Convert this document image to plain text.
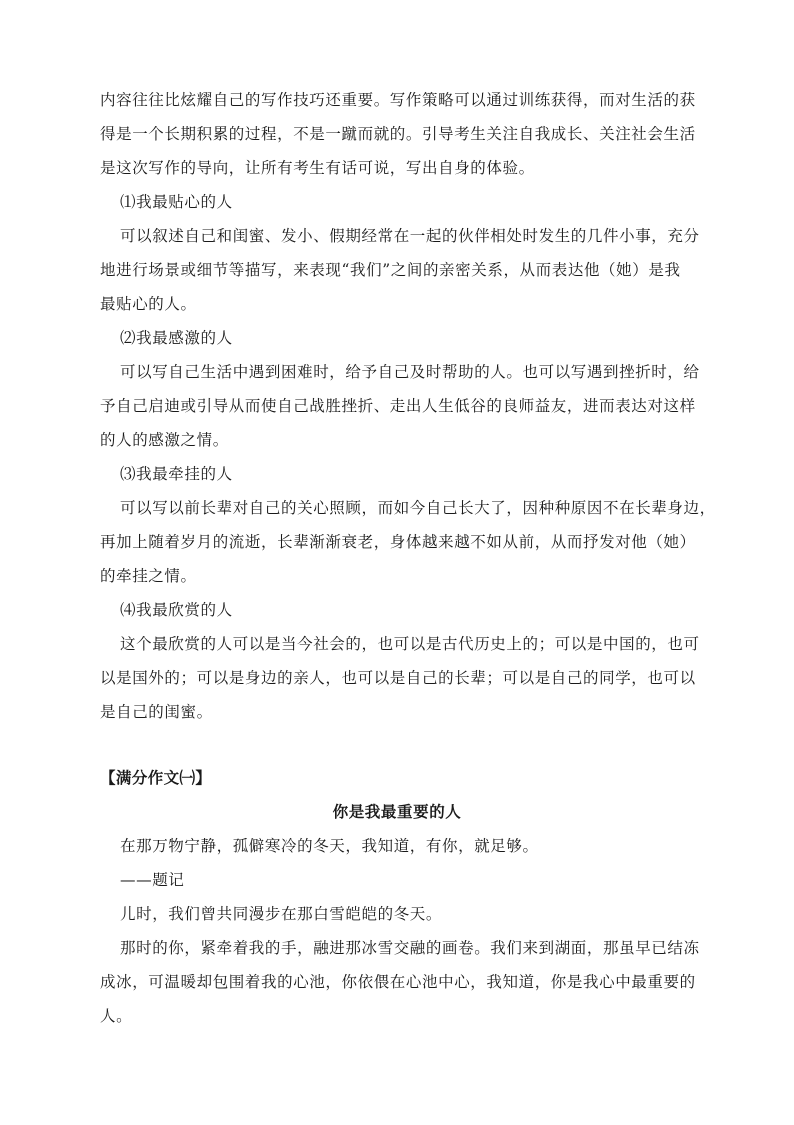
内容往往比炫耀自己的写作技巧还重要。写作策略可以通过训练获得，而对生活的获
得是一个长期积累的过程，不是一蹴而就的。引导考生关注自我成长、关注社会生活
是这次写作的导向，让所有考生有话可说，写出自身的体验。
⑴我最贴心的人
可以叙述自己和闺蜜、发小、假期经常在一起的伙伴相处时发生的几件小事，充分
地进行场景或细节等描写，来表现“我们”之间的亲密关系，从而表达他（她）是我
最贴心的人。
⑵我最感激的人
可以写自己生活中遇到困难时，给予自己及时帮助的人。也可以写遇到挫折时，给
予自己启迪或引导从而使自己战胜挫折、走出人生低谷的良师益友，进而表达对这样
的人的感激之情。
⑶我最牵挂的人
可以写以前长辈对自己的关心照顾，而如今自己长大了，因种种原因不在长辈身边，
再加上随着岁月的流逝，长辈渐渐衰老，身体越来越不如从前，从而抒发对他（她）
的牵挂之情。
⑷我最欣赏的人
这个最欣赏的人可以是当今社会的，也可以是古代历史上的；可以是中国的，也可
以是国外的；可以是身边的亲人，也可以是自己的长辈；可以是自己的同学，也可以
是自己的闺蜜。
【满分作文㈠】
你是我最重要的人
在那万物宁静，孤僻寒冷的冬天，我知道，有你，就足够。
——题记
儿时，我们曾共同漫步在那白雪皑皑的冬天。
那时的你，紧牵着我的手，融进那冰雪交融的画卷。我们来到湖面，那虽早已结冻
成冰，可温暖却包围着我的心池，你依偎在心池中心，我知道，你是我心中最重要的
人。
